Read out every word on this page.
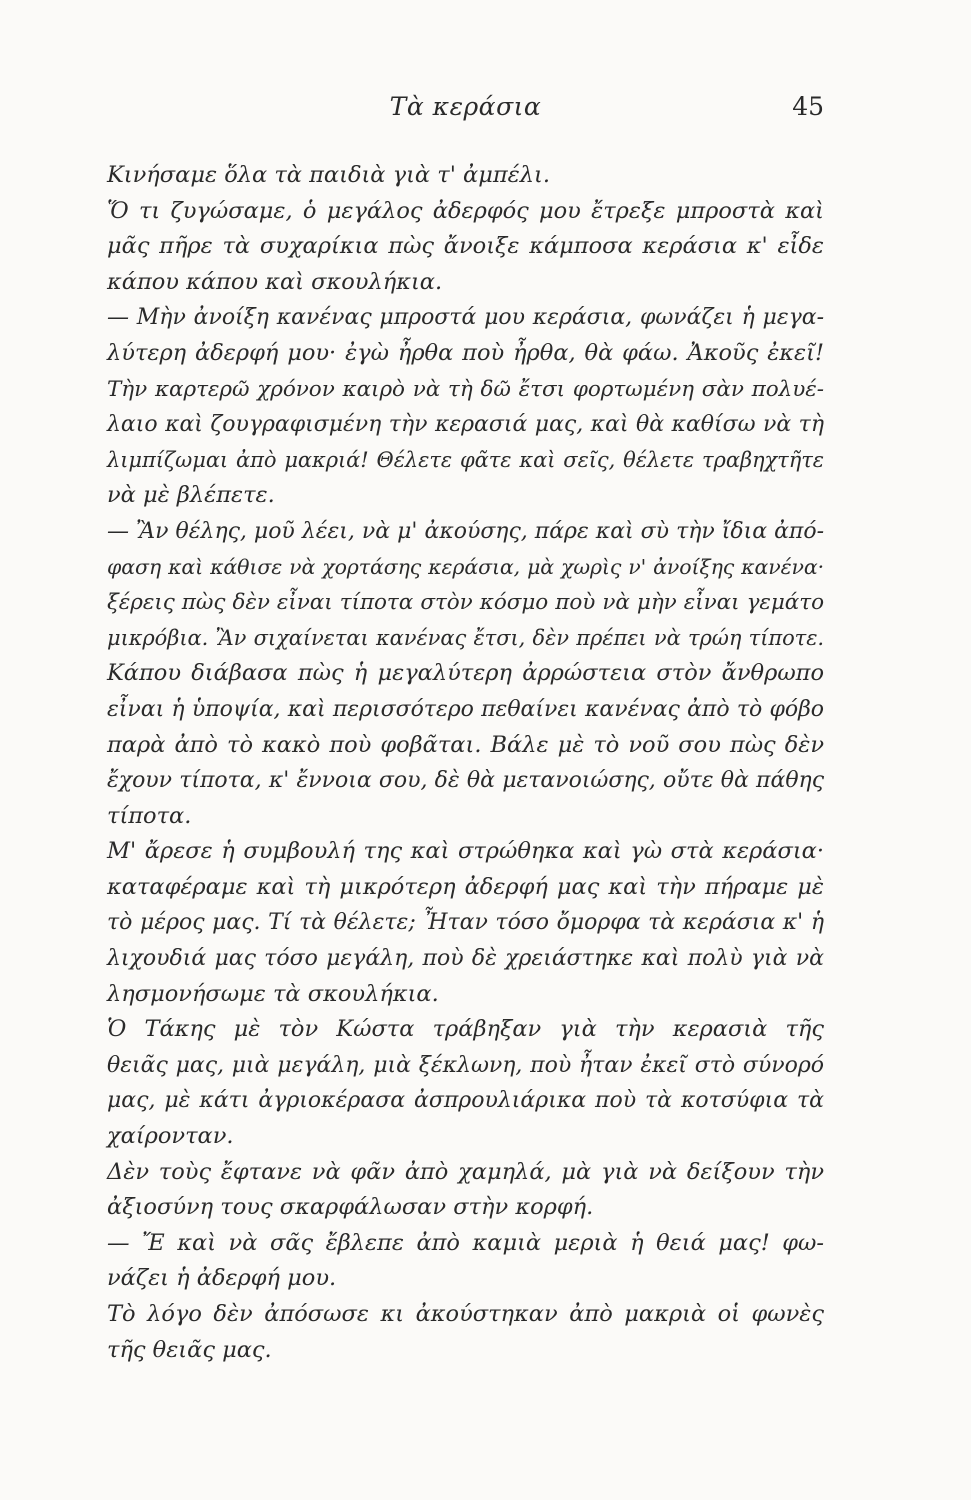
Τὰ κεράσια	45
Κινήσαμε ὅλα τὰ παιδιὰ γιὰ τ' ἀμπέλι.
Ὅ τι ζυγώσαμε, ὁ μεγάλος ἀδερφός μου ἔτρεξε μπροστὰ καὶ
μᾶς πῆρε τὰ συχαρίκια πὼς ἄνοιξε κάμποσα κεράσια κ' εἶδε
κάπου κάπου καὶ σκουλήκια.
— Μὴν ἀνοίξη κανένας μπροστά μου κεράσια, φωνάζει ἡ μεγα-
λύτερη ἀδερφή μου· ἐγὼ ἦρθα ποὺ ἦρθα, θὰ φάω. Ἀκοῦς ἐκεῖ!
Τὴν καρτερῶ χρόνον καιρὸ νὰ τὴ δῶ ἔτσι φορτωμένη σὰν πολυέ-
λαιο καὶ ζουγραφισμένη τὴν κερασιά μας, καὶ θὰ καθίσω νὰ τὴ
λιμπίζωμαι ἀπὸ μακριά! Θέλετε φᾶτε καὶ σεῖς, θέλετε τραβηχτῆτε
νὰ μὲ βλέπετε.
— Ἂν θέλης, μοῦ λέει, νὰ μ' ἀκούσης, πάρε καὶ σὺ τὴν ἴδια ἀπό-
φαση καὶ κάθισε νὰ χορτάσης κεράσια, μὰ χωρὶς ν' ἀνοίξης κανένα·
ξέρεις πὼς δὲν εἶναι τίποτα στὸν κόσμο ποὺ νὰ μὴν εἶναι γεμάτο
μικρόβια. Ἂν σιχαίνεται κανένας ἔτσι, δὲν πρέπει νὰ τρώη τίποτε.
Κάπου διάβασα πὼς ἡ μεγαλύτερη ἀρρώστεια στὸν ἄνθρωπο
εἶναι ἡ ὑποψία, καὶ περισσότερο πεθαίνει κανένας ἀπὸ τὸ φόβο
παρὰ ἀπὸ τὸ κακὸ ποὺ φοβᾶται. Βάλε μὲ τὸ νοῦ σου πὼς δὲν
ἔχουν τίποτα, κ' ἔννοια σου, δὲ θὰ μετανοιώσης, οὔτε θὰ πάθης
τίποτα.
Μ' ἄρεσε ἡ συμβουλή της καὶ στρώθηκα καὶ γὼ στὰ κεράσια·
καταφέραμε καὶ τὴ μικρότερη ἀδερφή μας καὶ τὴν πήραμε μὲ
τὸ μέρος μας. Τί τὰ θέλετε; Ἦταν τόσο ὄμορφα τὰ κεράσια κ' ἡ
λιχουδιά μας τόσο μεγάλη, ποὺ δὲ χρειάστηκε καὶ πολὺ γιὰ νὰ
λησμονήσωμε τὰ σκουλήκια.
Ὁ Τάκης μὲ τὸν Κώστα τράβηξαν γιὰ τὴν κερασιὰ τῆς
θειᾶς μας, μιὰ μεγάλη, μιὰ ξέκλωνη, ποὺ ἦταν ἐκεῖ στὸ σύνορό
μας, μὲ κάτι ἀγριοκέρασα ἀσπρουλιάρικα ποὺ τὰ κοτσύφια τὰ
χαίρονταν.
Δὲν τοὺς ἔφτανε νὰ φᾶν ἀπὸ χαμηλά, μὰ γιὰ νὰ δείξουν τὴν
ἀξιοσύνη τους σκαρφάλωσαν στὴν κορφή.
— Ἔ καὶ νὰ σᾶς ἔβλεπε ἀπὸ καμιὰ μεριὰ ἡ θειά μας! φω-
νάζει ἡ ἀδερφή μου.
Τὸ λόγο δὲν ἀπόσωσε κι ἀκούστηκαν ἀπὸ μακριὰ οἱ φωνὲς
τῆς θειᾶς μας.
